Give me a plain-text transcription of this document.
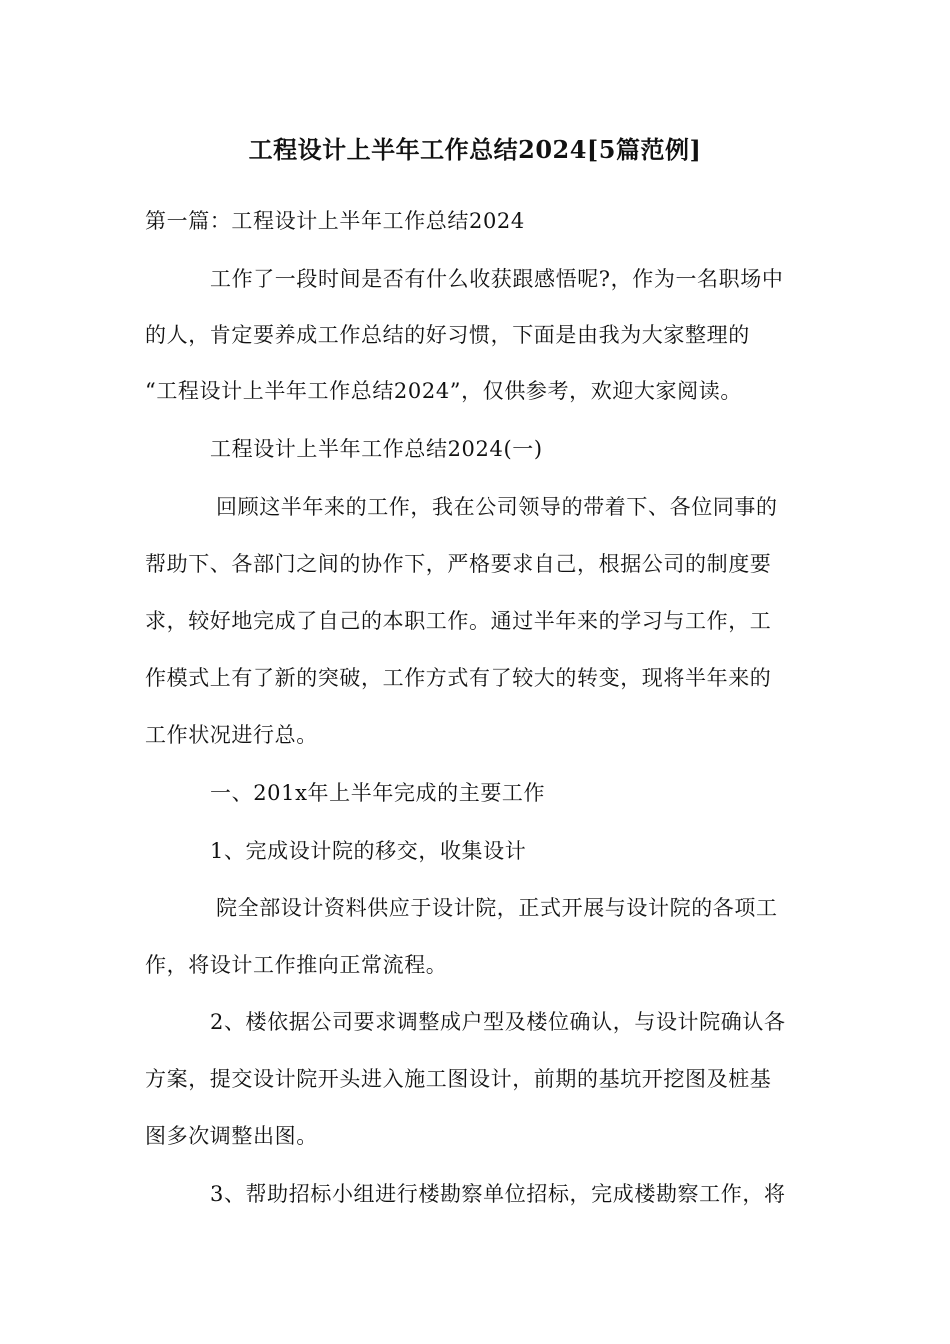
工程设计上半年工作总结2024[5篇范例]
第一篇：工程设计上半年工作总结2024
工作了一段时间是否有什么收获跟感悟呢?，作为一名职场中
的人，肯定要养成工作总结的好习惯，下面是由我为大家整理的
“工程设计上半年工作总结2024”，仅供参考，欢迎大家阅读。
工程设计上半年工作总结2024(一)
回顾这半年来的工作，我在公司领导的带着下、各位同事的
帮助下、各部门之间的协作下，严格要求自己，根据公司的制度要
求，较好地完成了自己的本职工作。通过半年来的学习与工作，工
作模式上有了新的突破，工作方式有了较大的转变，现将半年来的
工作状况进行总。
一、201x年上半年完成的主要工作
1、完成设计院的移交，收集设计
院全部设计资料供应于设计院，正式开展与设计院的各项工
作，将设计工作推向正常流程。
2、楼依据公司要求调整成户型及楼位确认，与设计院确认各
方案，提交设计院开头进入施工图设计，前期的基坑开挖图及桩基
图多次调整出图。
3、帮助招标小组进行楼勘察单位招标，完成楼勘察工作，将
